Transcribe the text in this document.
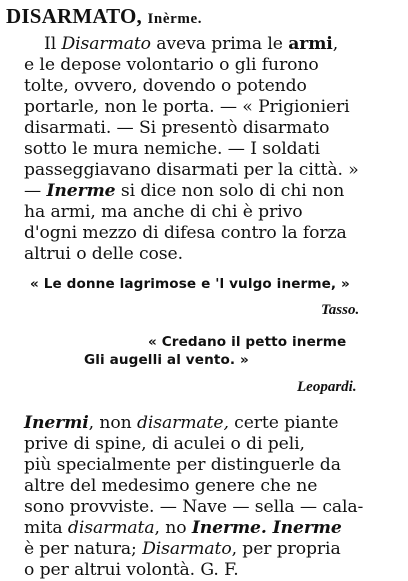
DISARMATO, Inèrme.
Il Disarmato aveva prima le armi,
e le depose volontario o gli furono
tolte, ovvero, dovendo o potendo
portarle, non le porta. — « Prigionieri
disarmati. — Si presentò disarmato
sotto le mura nemiche. — I soldati
passeggiavano disarmati per la città. »
— Inerme si dice non solo di chi non
ha armi, ma anche di chi è privo
d'ogni mezzo di difesa contro la forza
altrui o delle cose.
« Le donne lagrimose e 'l vulgo inerme, »
Tasso.
« Credano il petto inerme
Gli augelli al vento. »
Leopardi.
Inermi, non disarmate, certe piante
prive di spine, di aculei o di peli,
più specialmente per distinguerle da
altre del medesimo genere che ne
sono provviste. — Nave — sella — cala-
mita disarmata, no Inerme. Inerme
è per natura; Disarmato, per propria
o per altrui volontà. G. F.
